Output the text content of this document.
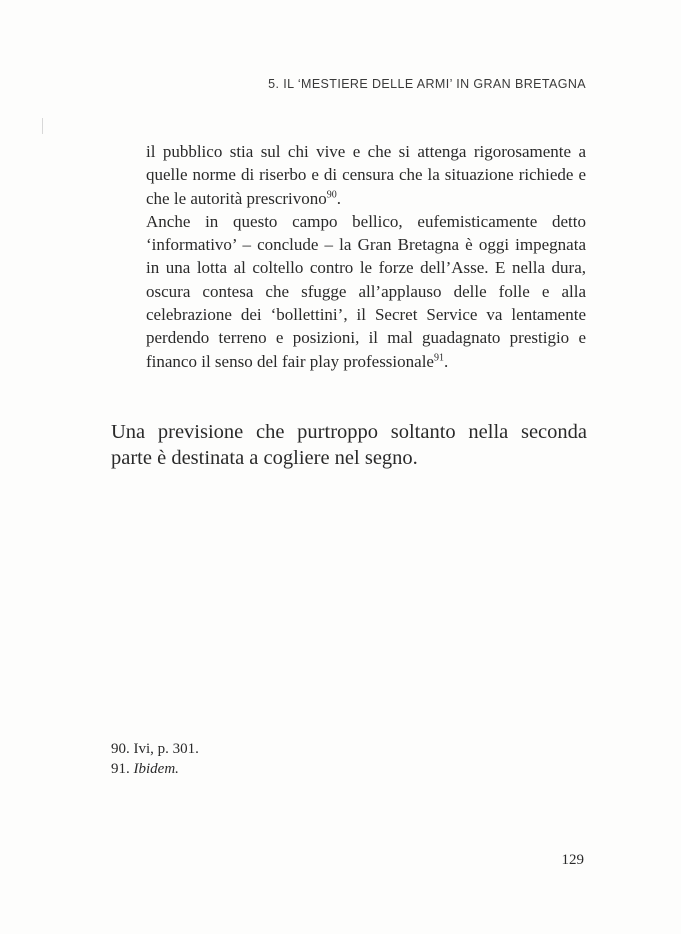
5. IL ‘MESTIERE DELLE ARMI’ IN GRAN BRETAGNA

il pubblico stia sul chi vive e che si attenga rigorosamente a quelle norme di riserbo e di censura che la situazione richiede e che le autorità prescrivono$^{90}$.

Anche in questo campo bellico, eufemisticamente detto ‘informativo’ – conclude – la Gran Bretagna è oggi impegnata in una lotta al coltello contro le forze dell’Asse. E nella dura, oscura contesa che sfugge all’applauso delle folle e alla celebrazione dei ‘bollettini’, il Secret Service va lentamente perdendo terreno e posizioni, il mal guadagnato prestigio e financo il senso del fair play professionale$^{91}$.

Una previsione che purtroppo soltanto nella seconda parte è destinata a cogliere nel segno.

90. Ivi, p. 301.
91. Ibidem.
129
